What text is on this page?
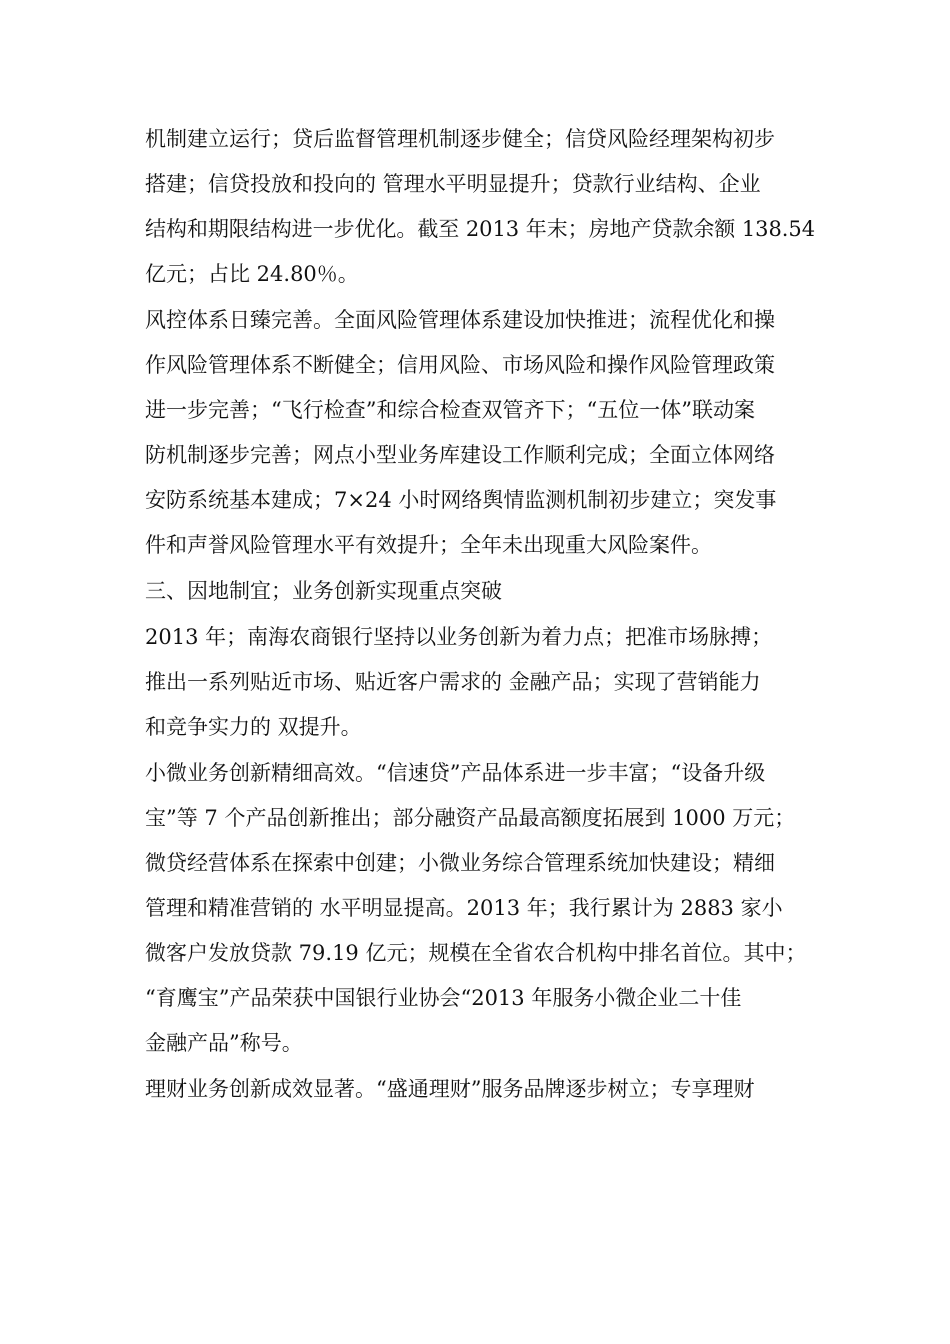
机制建立运行；贷后监督管理机制逐步健全；信贷风险经理架构初步
搭建；信贷投放和投向的 管理水平明显提升；贷款行业结构、企业
结构和期限结构进一步优化。截至 2013 年末；房地产贷款余额 138.54
亿元；占比 24.80％。
风控体系日臻完善。全面风险管理体系建设加快推进；流程优化和操
作风险管理体系不断健全；信用风险、市场风险和操作风险管理政策
进一步完善；“飞行检查”和综合检查双管齐下；“五位一体”联动案
防机制逐步完善；网点小型业务库建设工作顺利完成；全面立体网络
安防系统基本建成；7×24 小时网络舆情监测机制初步建立；突发事
件和声誉风险管理水平有效提升；全年未出现重大风险案件。
三、因地制宜；业务创新实现重点突破
2013 年；南海农商银行坚持以业务创新为着力点；把准市场脉搏；
推出一系列贴近市场、贴近客户需求的 金融产品；实现了营销能力
和竞争实力的 双提升。
小微业务创新精细高效。“信速贷”产品体系进一步丰富；“设备升级
宝”等 7 个产品创新推出；部分融资产品最高额度拓展到 1000 万元；
微贷经营体系在探索中创建；小微业务综合管理系统加快建设；精细
管理和精准营销的 水平明显提高。2013 年；我行累计为 2883 家小
微客户发放贷款 79.19 亿元；规模在全省农合机构中排名首位。其中；
“育鹰宝”产品荣获中国银行业协会“2013 年服务小微企业二十佳
金融产品”称号。
理财业务创新成效显著。“盛通理财”服务品牌逐步树立；专享理财
